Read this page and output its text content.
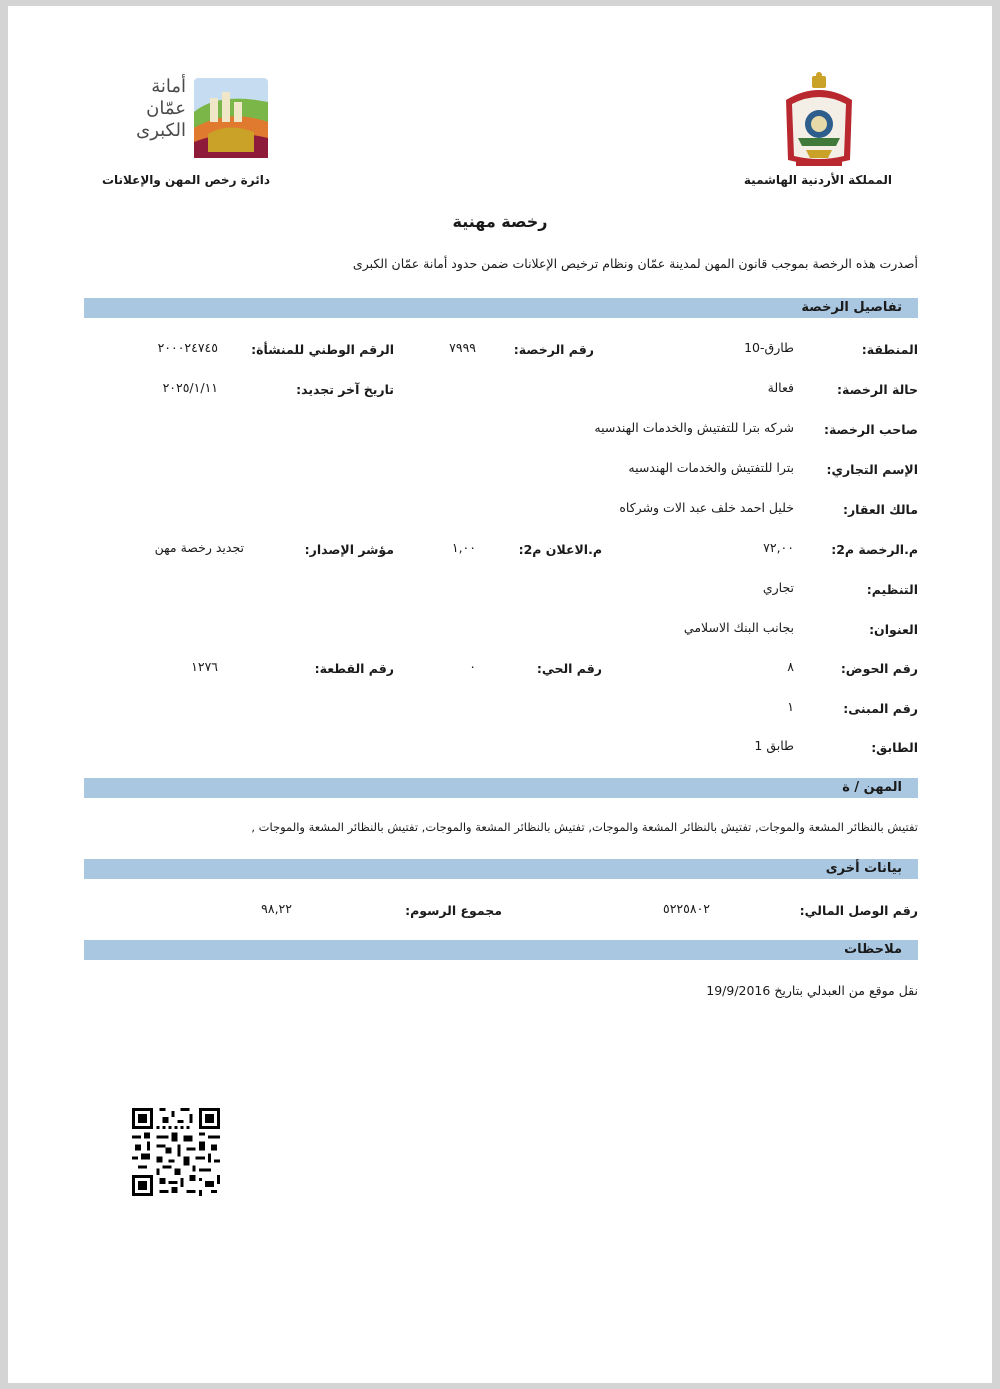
أمانة
عمّان
الكبرى
المملكة الأردنية الهاشمية
دائرة رخص المهن والإعلانات
رخصة مهنية
أصدرت هذه الرخصة بموجب قانون المهن لمدينة عمّان ونظام ترخيص الإعلانات ضمن حدود أمانة عمّان الكبرى
تفاصيل الرخصة
المنطقة:
طارق-10
رقم الرخصة:
٧٩٩٩
الرقم الوطني للمنشأة:
٢٠٠٠٢٤٧٤٥
حالة الرخصة:
فعالة
تاريخ آخر تجديد:
٢٠٢٥/١/١١
صاحب الرخصة:
شركه بترا للتفتيش والخدمات الهندسيه
الإسم التجاري:
بترا للتفتيش والخدمات الهندسيه
مالك العقار:
خليل احمد خلف عبد الات وشركاه
م.الرخصة م2:
٧٢,٠٠
م.الاعلان م2:
١,٠٠
مؤشر الإصدار:
تجديد رخصة مهن
التنظيم:
تجاري
العنوان:
بجانب البنك الاسلامي
رقم الحوض:
٨
رقم الحي:
٠
رقم القطعة:
١٢٧٦
رقم المبنى:
١
الطابق:
طابق 1
المهن / ة
تفتيش بالنظائر المشعة والموجات, تفتيش بالنظائر المشعة والموجات, تفتيش بالنظائر المشعة والموجات, تفتيش بالنظائر المشعة والموجات ,
بيانات أخرى
رقم الوصل المالي:
٥٢٢٥٨٠٢
مجموع الرسوم:
٩٨,٢٢
ملاحظات
نقل موقع من العبدلي بتاريخ 19/9/2016
